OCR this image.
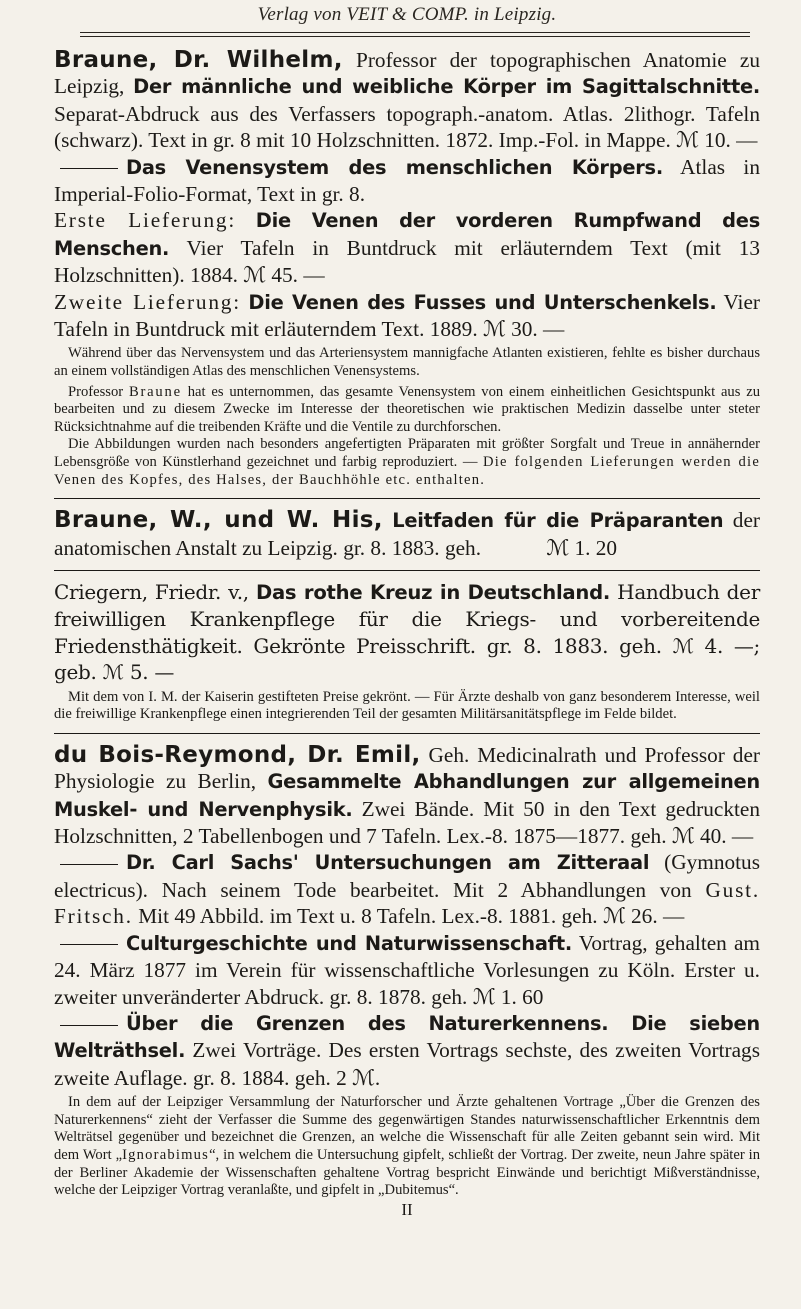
Verlag von VEIT & COMP. in Leipzig.

Braune, Dr. Wilhelm, Professor der topographischen Anatomie zu Leipzig, Der männliche und weibliche Körper im Sagittalschnitte. Separat-Abdruck aus des Verfassers topograph.-anatom. Atlas. 2lithogr. Tafeln (schwarz). Text in gr. 8 mit 10 Holzschnitten. 1872. Imp.-Fol. in Mappe. ℳ 10. —

Das Venensystem des menschlichen Körpers. Atlas in Imperial-Folio-Format, Text in gr. 8.

Erste Lieferung: Die Venen der vorderen Rumpfwand des Menschen. Vier Tafeln in Buntdruck mit erläuterndem Text (mit 13 Holzschnitten). 1884. ℳ 45. —

Zweite Lieferung: Die Venen des Fusses und Unterschenkels. Vier Tafeln in Buntdruck mit erläuterndem Text. 1889. ℳ 30. —

Während über das Nervensystem und das Arteriensystem mannigfache Atlanten existieren, fehlte es bisher durchaus an einem vollständigen Atlas des menschlichen Venensystems.

Professor Braune hat es unternommen, das gesamte Venensystem von einem einheitlichen Gesichtspunkt aus zu bearbeiten und zu diesem Zwecke im Interesse der theoretischen wie praktischen Medizin dasselbe unter steter Rücksichtnahme auf die treibenden Kräfte und die Ventile zu durchforschen.

Die Abbildungen wurden nach besonders angefertigten Präparaten mit größter Sorgfalt und Treue in annähernder Lebensgröße von Künstlerhand gezeichnet und farbig reproduziert. — Die folgenden Lieferungen werden die Venen des Kopfes, des Halses, der Bauchhöhle etc. enthalten.

Braune, W., und W. His, Leitfaden für die Präparanten der anatomischen Anstalt zu Leipzig. gr. 8. 1883. geh.	ℳ 1. 20

Criegern, Friedr. v., Das rothe Kreuz in Deutschland. Handbuch der freiwilligen Krankenpflege für die Kriegs- und vorbereitende Friedensthätigkeit. Gekrönte Preisschrift. gr. 8. 1883. geh. ℳ 4. —; geb. ℳ 5. —

Mit dem von I. M. der Kaiserin gestifteten Preise gekrönt. — Für Ärzte deshalb von ganz besonderem Interesse, weil die freiwillige Krankenpflege einen integrierenden Teil der gesamten Militärsanitätspflege im Felde bildet.

du Bois-Reymond, Dr. Emil, Geh. Medicinalrath und Professor der Physiologie zu Berlin, Gesammelte Abhandlungen zur allgemeinen Muskel- und Nervenphysik. Zwei Bände. Mit 50 in den Text gedruckten Holzschnitten, 2 Tabellenbogen und 7 Tafeln. Lex.-8. 1875—1877. geh. ℳ 40. —

Dr. Carl Sachs' Untersuchungen am Zitteraal (Gymnotus electricus). Nach seinem Tode bearbeitet. Mit 2 Abhandlungen von Gust. Fritsch. Mit 49 Abbild. im Text u. 8 Tafeln. Lex.-8. 1881. geh. ℳ 26. —

Culturgeschichte und Naturwissenschaft. Vortrag, gehalten am 24. März 1877 im Verein für wissenschaftliche Vorlesungen zu Köln. Erster u. zweiter unveränderter Abdruck. gr. 8. 1878. geh. ℳ 1. 60

Über die Grenzen des Naturerkennens. Die sieben Welträthsel. Zwei Vorträge. Des ersten Vortrags sechste, des zweiten Vortrags zweite Auflage. gr. 8. 1884. geh. 2 ℳ.

In dem auf der Leipziger Versammlung der Naturforscher und Ärzte gehaltenen Vortrage „Über die Grenzen des Naturerkennens“ zieht der Verfasser die Summe des gegenwärtigen Standes naturwissenschaftlicher Erkenntnis dem Welträtsel gegenüber und bezeichnet die Grenzen, an welche die Wissenschaft für alle Zeiten gebannt sein wird. Mit dem Wort „Ignorabimus“, in welchem die Untersuchung gipfelt, schließt der Vortrag. Der zweite, neun Jahre später in der Berliner Akademie der Wissenschaften gehaltene Vortrag bespricht Einwände und berichtigt Mißverständnisse, welche der Leipziger Vortrag veranlaßte, und gipfelt in „Dubitemus“.

II
